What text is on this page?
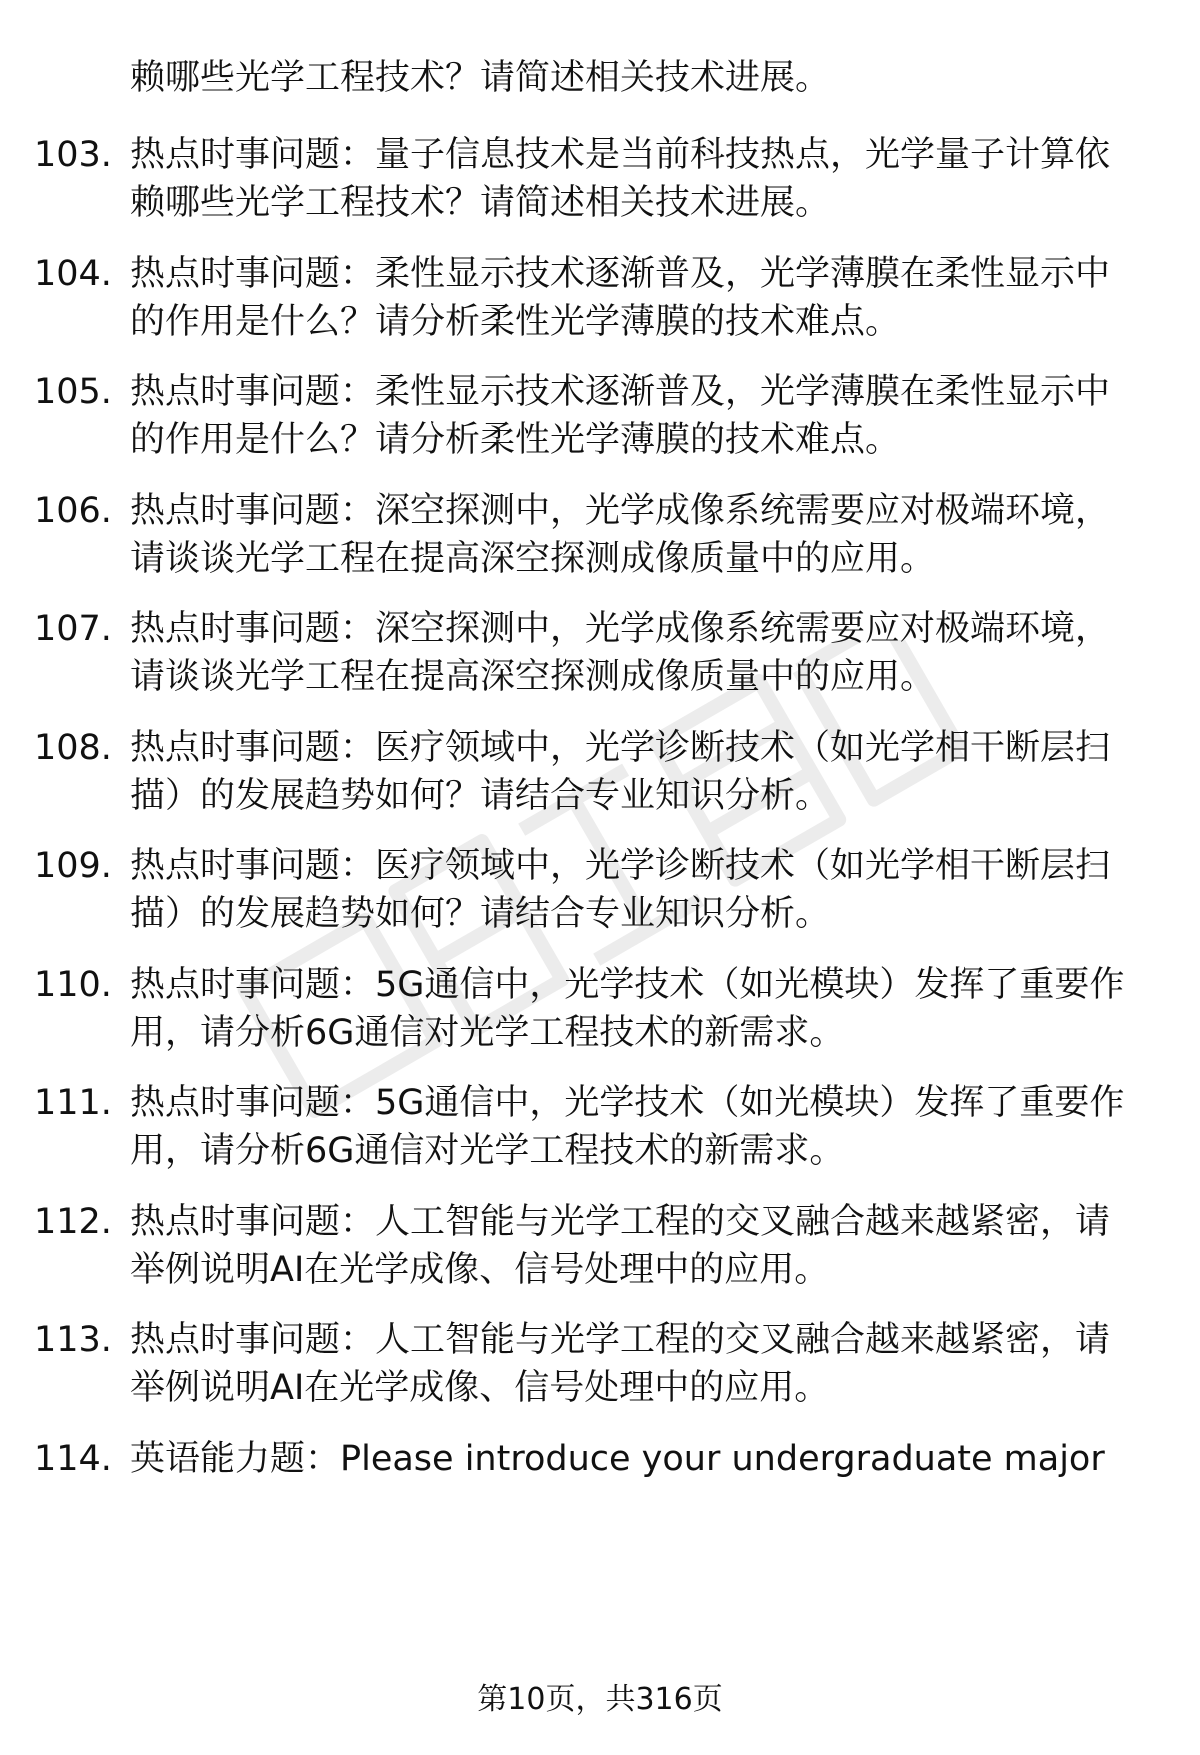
赖哪些光学工程技术？请简述相关技术进展。
103. 热点时事问题：量子信息技术是当前科技热点，光学量子计算依
赖哪些光学工程技术？请简述相关技术进展。
104. 热点时事问题：柔性显示技术逐渐普及，光学薄膜在柔性显示中
的作用是什么？请分析柔性光学薄膜的技术难点。
105. 热点时事问题：柔性显示技术逐渐普及，光学薄膜在柔性显示中
的作用是什么？请分析柔性光学薄膜的技术难点。
106. 热点时事问题：深空探测中，光学成像系统需要应对极端环境，
请谈谈光学工程在提高深空探测成像质量中的应用。
107. 热点时事问题：深空探测中，光学成像系统需要应对极端环境，
请谈谈光学工程在提高深空探测成像质量中的应用。
108. 热点时事问题：医疗领域中，光学诊断技术（如光学相干断层扫
描）的发展趋势如何？请结合专业知识分析。
109. 热点时事问题：医疗领域中，光学诊断技术（如光学相干断层扫
描）的发展趋势如何？请结合专业知识分析。
110. 热点时事问题：5G通信中，光学技术（如光模块）发挥了重要作
用，请分析6G通信对光学工程技术的新需求。
111. 热点时事问题：5G通信中，光学技术（如光模块）发挥了重要作
用，请分析6G通信对光学工程技术的新需求。
112. 热点时事问题：人工智能与光学工程的交叉融合越来越紧密，请
举例说明AI在光学成像、信号处理中的应用。
113. 热点时事问题：人工智能与光学工程的交叉融合越来越紧密，请
举例说明AI在光学成像、信号处理中的应用。
114. 英语能力题：Please introduce your undergraduate major
第10页，共316页
